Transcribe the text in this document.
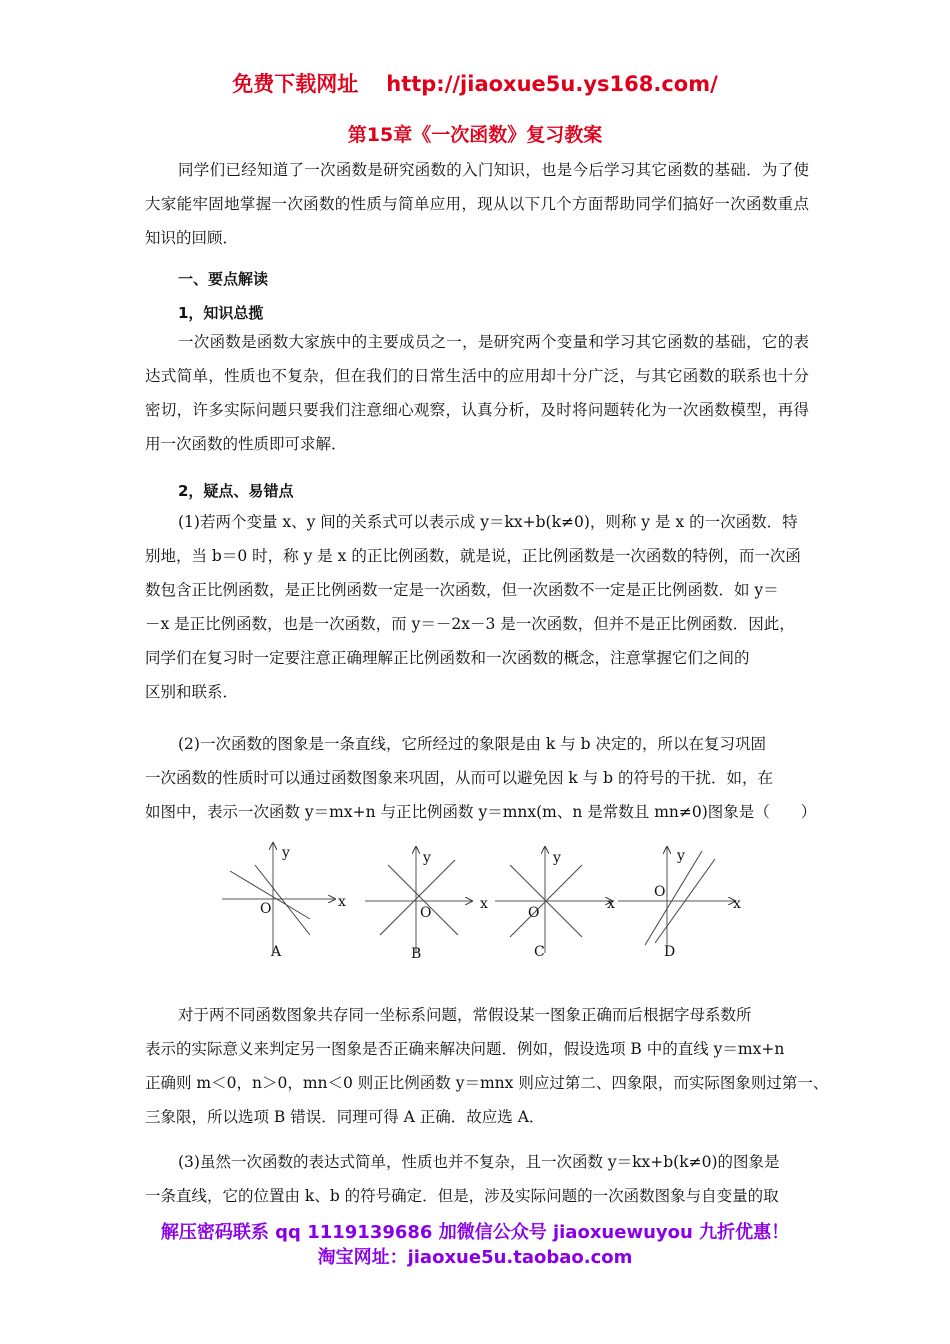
免费下载网址 http://jiaoxue5u.ys168.com/
第15章《一次函数》复习教案

同学们已经知道了一次函数是研究函数的入门知识，也是今后学习其它函数的基础．为了使大家能牢固地掌握一次函数的性质与简单应用，现从以下几个方面帮助同学们搞好一次函数重点知识的回顾．

一、要点解读

1，知识总揽

一次函数是函数大家族中的主要成员之一，是研究两个变量和学习其它函数的基础，它的表达式简单，性质也不复杂，但在我们的日常生活中的应用却十分广泛，与其它函数的联系也十分密切，许多实际问题只要我们注意细心观察，认真分析，及时将问题转化为一次函数模型，再得用一次函数的性质即可求解．

2，疑点、易错点

(1)若两个变量 x、y 间的关系式可以表示成 y＝kx+b(k≠0)，则称 y 是 x 的一次函数．特
别地，当 b＝0 时，称 y 是 x 的正比例函数，就是说，正比例函数是一次函数的特例，而一次函
数包含正比例函数，是正比例函数一定是一次函数，但一次函数不一定是正比例函数．如 y＝
－x 是正比例函数，也是一次函数，而 y＝－2x－3 是一次函数，但并不是正比例函数．因此，
同学们在复习时一定要注意正确理解正比例函数和一次函数的概念，注意掌握它们之间的
区别和联系．
(2)一次函数的图象是一条直线，它所经过的象限是由 k 与 b 决定的，所以在复习巩固
一次函数的性质时可以通过函数图象来巩固，从而可以避免因 k 与 b 的符号的干扰．如，在
如图中，表示一次函数 y＝mx+n 与正比例函数 y＝mnx(m、n 是常数且 mn≠0)图象是（　　）
y
x
O
A
y
x
O
B
y
x
O
C
y
x
O
D
对于两不同函数图象共存同一坐标系问题，常假设某一图象正确而后根据字母系数所
表示的实际意义来判定另一图象是否正确来解决问题．例如，假设选项 B 中的直线 y＝mx+n
正确则 m＜0，n＞0，mn＜0 则正比例函数 y＝mnx 则应过第二、四象限，而实际图象则过第一、
三象限，所以选项 B 错误．同理可得 A 正确．故应选 A．
(3)虽然一次函数的表达式简单，性质也并不复杂，且一次函数 y＝kx+b(k≠0)的图象是
一条直线，它的位置由 k、b 的符号确定．但是，涉及实际问题的一次函数图象与自变量的取
解压密码联系 qq 1119139686 加微信公众号 jiaoxuewuyou 九折优惠！
淘宝网址：jiaoxue5u.taobao.com
